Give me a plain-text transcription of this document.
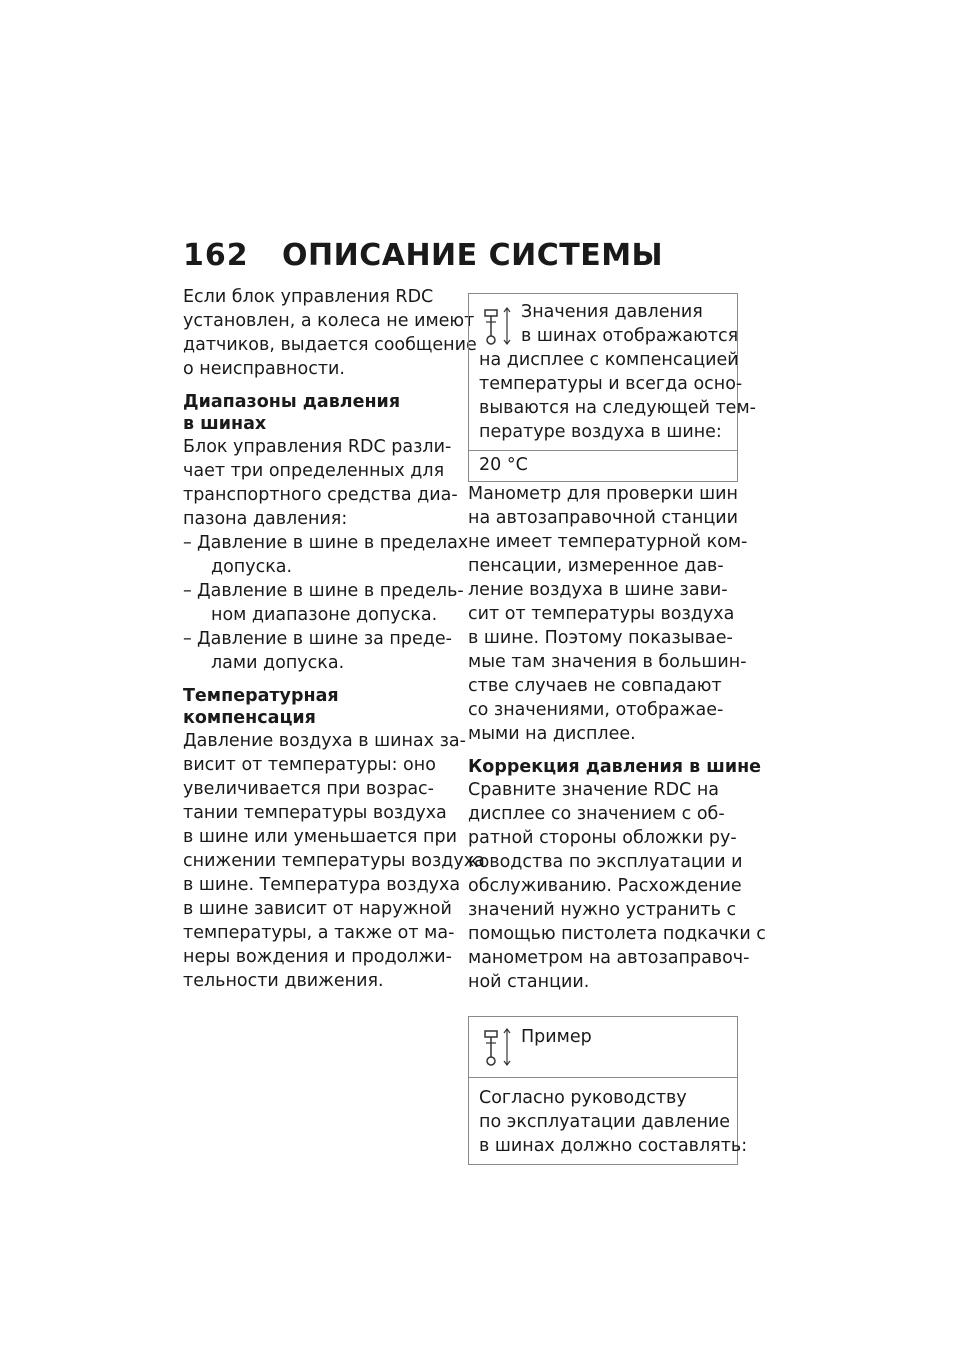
162 ОПИСАНИЕ СИСТЕМЫ
Если блок управления RDC
установлен, а колеса не имеют
датчиков, выдается сообщение
о неисправности.
Диапазоны давления
в шинах
Блок управления RDC разли-
чает три определенных для
транспортного средства диа-
пазона давления:
– Давление в шине в пределах
допуска.
– Давление в шине в предель-
ном диапазоне допуска.
– Давление в шине за преде-
лами допуска.
Температурная
компенсация
Давление воздуха в шинах за-
висит от температуры: оно
увеличивается при возрас-
тании температуры воздуха
в шине или уменьшается при
снижении температуры воздуха
в шине. Температура воздуха
в шине зависит от наружной
температуры, а также от ма-
неры вождения и продолжи-
тельности движения.
Значения давления
в шинах отображаются
на дисплее с компенсацией
температуры и всегда осно-
вываются на следующей тем-
пературе воздуха в шине:
20 °C
Манометр для проверки шин
на автозаправочной станции
не имеет температурной ком-
пенсации, измеренное дав-
ление воздуха в шине зави-
сит от температуры воздуха
в шине. Поэтому показывае-
мые там значения в большин-
стве случаев не совпадают
со значениями, отображае-
мыми на дисплее.
Коррекция давления в шине
Сравните значение RDC на
дисплее со значением с об-
ратной стороны обложки ру-
ководства по эксплуатации и
обслуживанию. Расхождение
значений нужно устранить с
помощью пистолета подкачки с
манометром на автозаправоч-
ной станции.
Пример
Согласно руководству
по эксплуатации давление
в шинах должно составлять:
